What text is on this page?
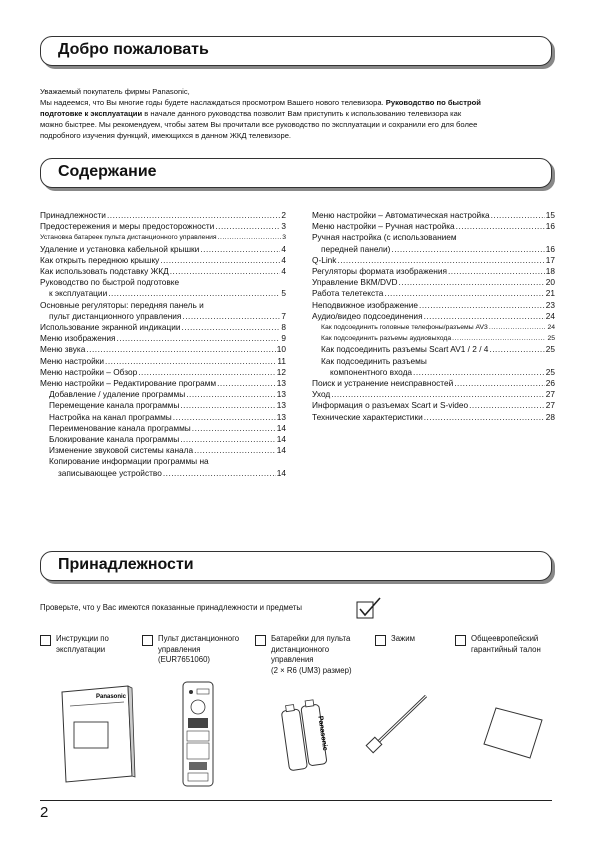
Добро пожаловать

Уважаемый покупатель фирмы Panasonic,

Мы надеемся, что Вы многие годы будете наслаждаться просмотром Вашего нового телевизора. Руководство по быстрой
подготовке к эксплуатации в начале данного руководства позволит Вам приступить к использованию телевизора как
можно быстрее. Мы рекомендуем, чтобы затем Вы прочитали все руководство по эксплуатации и сохранили его для более
подробного изучения функций, имеющихся в данном ЖКД телевизоре.

Содержание
Принадлежности .....	2
Предостережения и меры предосторожности .....	3
Установка батареек пульта дистанционного управления .....	3
Удаление и установка кабельной крышки .....	4
Как открыть переднюю крышку .....	4
Как использовать подставку ЖКД .....	4
Руководство по быстрой подготовке
к эксплуатации .....	5
Основные регуляторы: передняя панель и
пульт дистанционного управления .....	7
Использование экранной индикации .....	8
Меню изображения .....	9
Меню звука .....	10
Меню настройки .....	11
Меню настройки – Обзор .....	12
Меню настройки – Редактирование программ .....	13
Добавление / удаление программы .....	13
Перемещение канала программы .....	13
Настройка на канал программы .....	13
Переименование канала программы .....	14
Блокирование канала программы .....	14
Изменение звуковой системы канала .....	14
Копирование информации программы на
записывающее устройство .....	14
Меню настройки – Автоматическая настройка .....	15
Меню настройки – Ручная настройка .....	16
Ручная настройка (с использованием
передней панели) .....	16
Q-Link .....	17
Регуляторы формата изображения .....	18
Управление ВКМ/DVD .....	20
Работа телетекста .....	21
Неподвижное изображение .....	23
Аудио/видео подсоединения .....	24
Как подсоединить головные телефоны/разъемы AV3 .....	24
Как подсоединить разъемы аудиовыхода .....	25
Как подсоединить разъемы Scart AV1 / 2 / 4 .....	25
Как подсоединить разъемы
компонентного входа .....	25
Поиск и устранение неисправностей .....	26
Уход .....	27
Информация о разъемах Scart и S-video .....	27
Технические характеристики .....	28
Принадлежности
Проверьте, что у Вас имеются показанные принадлежности и предметы
Инструкции по
эксплуатации
Пульт дистанционного
управления
(EUR7651060)
Батарейки для пульта
дистанционного
управления
(2 × R6 (UM3) размер)
Зажим	Общеевропейский
гарантийный талон
Panasonic
Panasonic
2
